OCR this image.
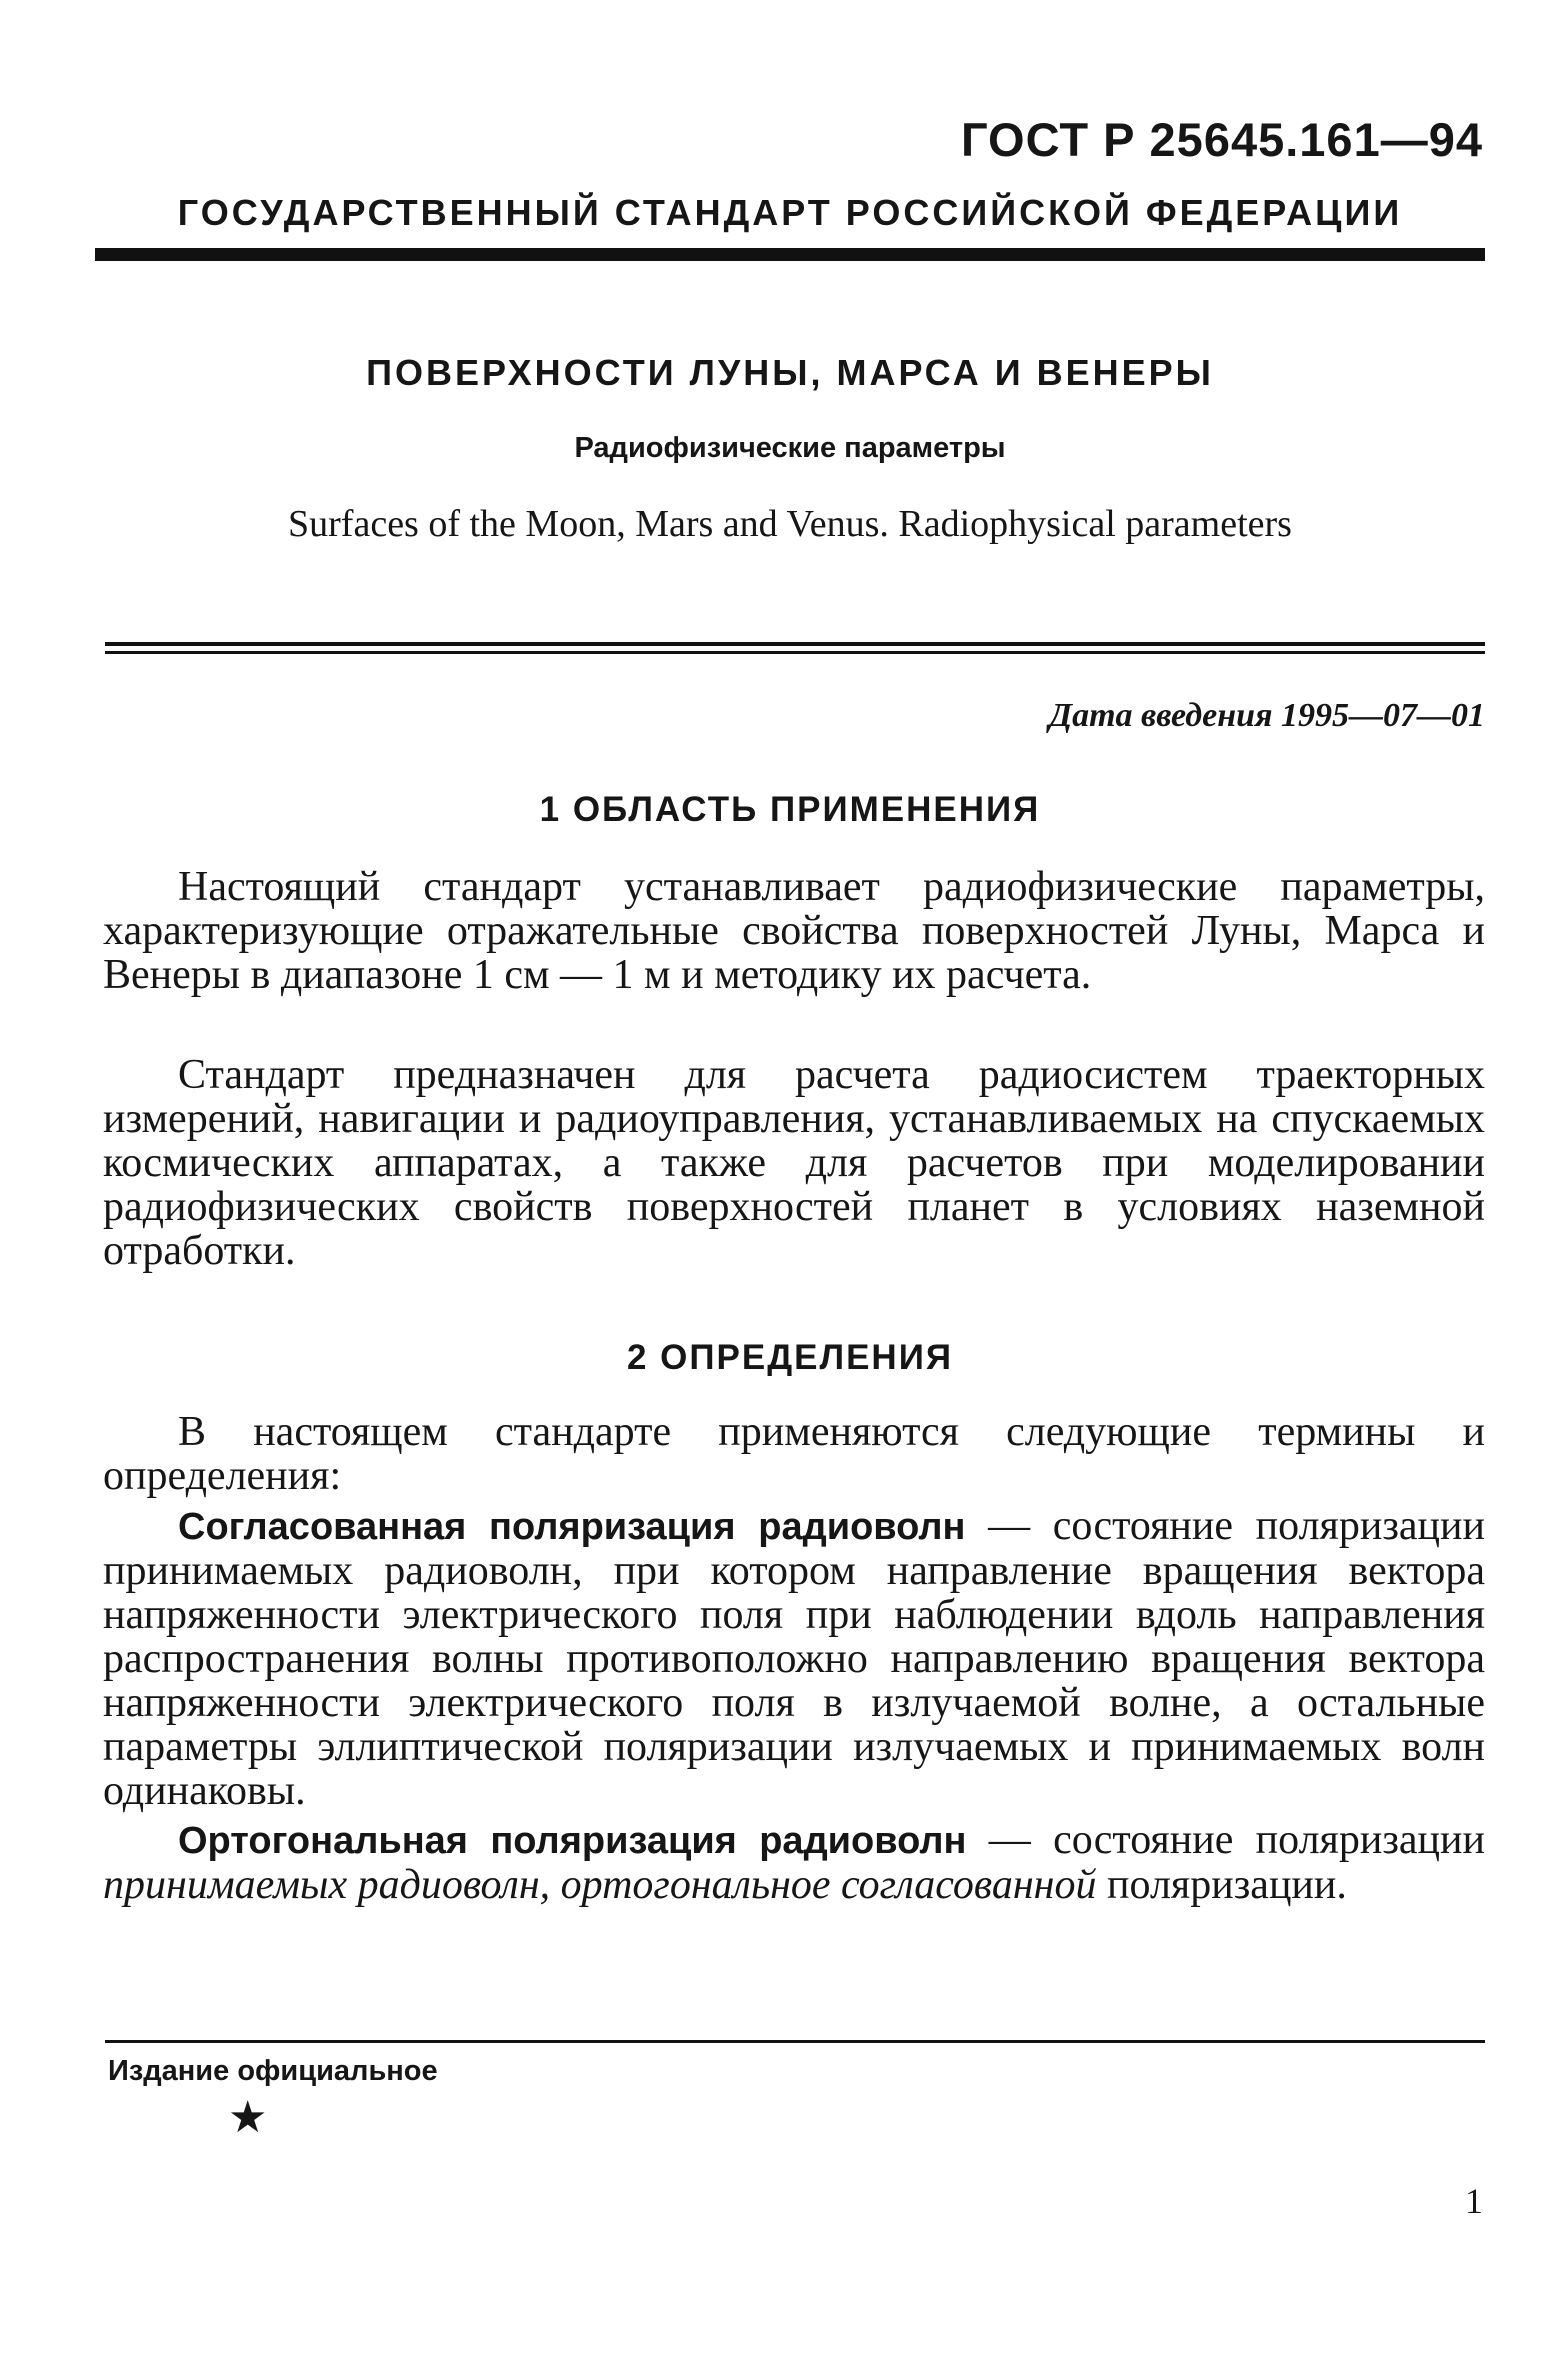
ГОСТ Р 25645.161—94

ГОСУДАРСТВЕННЫЙ СТАНДАРТ РОССИЙСКОЙ ФЕДЕРАЦИИ

ПОВЕРХНОСТИ ЛУНЫ, МАРСА И ВЕНЕРЫ

Радиофизические параметры

Surfaces of the Moon, Mars and Venus. Radiophysical parameters

Дата введения 1995—07—01

1 ОБЛАСТЬ ПРИМЕНЕНИЯ

Настоящий стандарт устанавливает радиофизические параметры, характеризующие отражательные свойства поверхностей Луны, Марса и Венеры в диапазоне 1 см — 1 м и методику их расчета.

Стандарт предназначен для расчета радиосистем траекторных измерений, навигации и радиоуправления, устанавливаемых на спускаемых космических аппаратах, а также для расчетов при моделировании радиофизических свойств поверхностей планет в условиях наземной отработки.

2 ОПРЕДЕЛЕНИЯ

В настоящем стандарте применяются следующие термины и определения:

Согласованная поляризация радиоволн — состояние поляризации принимаемых радиоволн, при котором направление вращения вектора напряженности электрического поля при наблюдении вдоль направления распространения волны противоположно направлению вращения вектора напряженности электрического поля в излучаемой волне, а остальные параметры эллиптической поляризации излучаемых и принимаемых волн одинаковы.

Ортогональная поляризация радиоволн — состояние поляризации принимаемых радиоволн, ортогональное согласованной поляризации.

Издание официальное

★

1
